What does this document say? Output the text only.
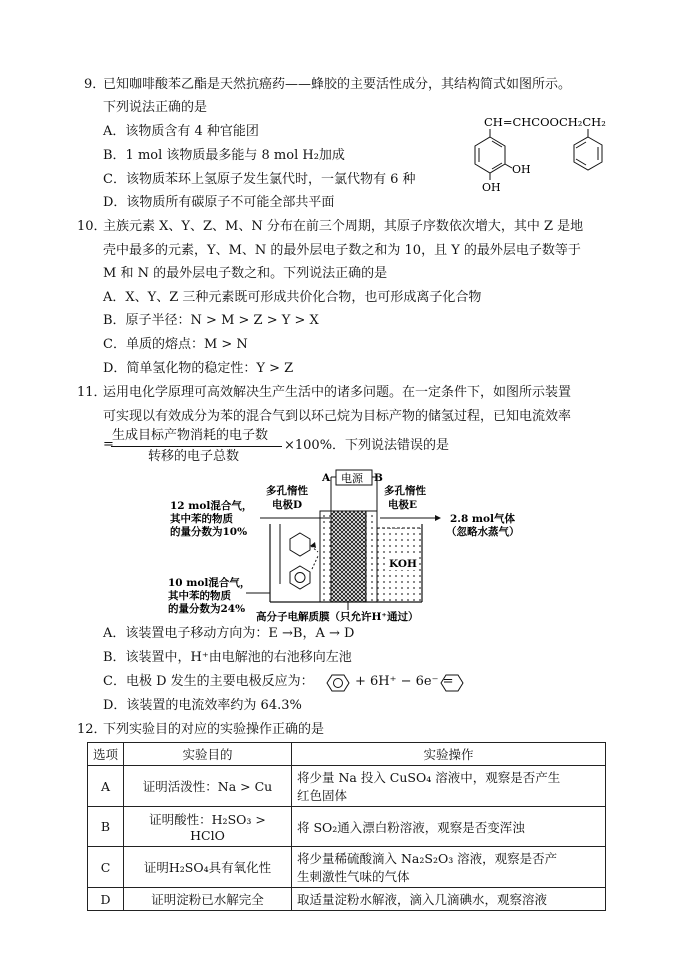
9．
已知咖啡酸苯乙酯是天然抗癌药——蜂胶的主要活性成分，其结构简式如图所示。
下列说法正确的是
A．该物质含有 4 种官能团
B．1 mol 该物质最多能与 8 mol H₂加成
C．该物质苯环上氢原子发生氯代时，一氯代物有 6 种
D．该物质所有碳原子不可能全部共平面
CH=CHCOOCH₂CH₂
OH
OH
10．
主族元素 X、Y、Z、M、N 分布在前三个周期，其原子序数依次增大，其中 Z 是地
壳中最多的元素，Y、M、N 的最外层电子数之和为 10，且 Y 的最外层电子数等于
M 和 N 的最外层电子数之和。下列说法正确的是
A．X、Y、Z 三种元素既可形成共价化合物，也可形成离子化合物
B．原子半径：N > M > Z > Y > X
C．单质的熔点：M > N
D．简单氢化物的稳定性：Y > Z
11．
运用电化学原理可高效解决生产生活中的诸多问题。在一定条件下，如图所示装置
可实现以有效成分为苯的混合气到以环己烷为目标产物的储氢过程，已知电流效率
=
生成目标产物消耗的电子数
转移的电子总数
×100%．下列说法错误的是
A 电源 B
多孔惰性
电极D
多孔惰性
电极E
12 mol混合气，
其中苯的物质
的量分数为10%
2.8 mol气体
（忽略水蒸气）
KOH
10 mol混合气，
其中苯的物质
的量分数为24%
高分子电解质膜（只允许H⁺通过）
A．该装置电子移动方向为：E →B，A → D
B．该装置中，H⁺由电解池的右池移向左池
C．电极 D 发生的主要电极反应为：	+ 6H⁺ − 6e⁻ =
D．该装置的电流效率约为 64.3%
12．
下列实验目的对应的实验操作正确的是
选项	实验目的	实验操作
A	证明活泼性：Na > Cu	将少量 Na 投入 CuSO₄ 溶液中，观察是否产生
红色固体

B	证明酸性：H₂SO₃ >
HClO	将 SO₂通入漂白粉溶液，观察是否变浑浊
C	证明H₂SO₄具有氧化性	将少量稀硫酸滴入 Na₂S₂O₃ 溶液，观察是否产
生刺激性气味的气体

D	证明淀粉已水解完全	取适量淀粉水解液，滴入几滴碘水，观察溶液
